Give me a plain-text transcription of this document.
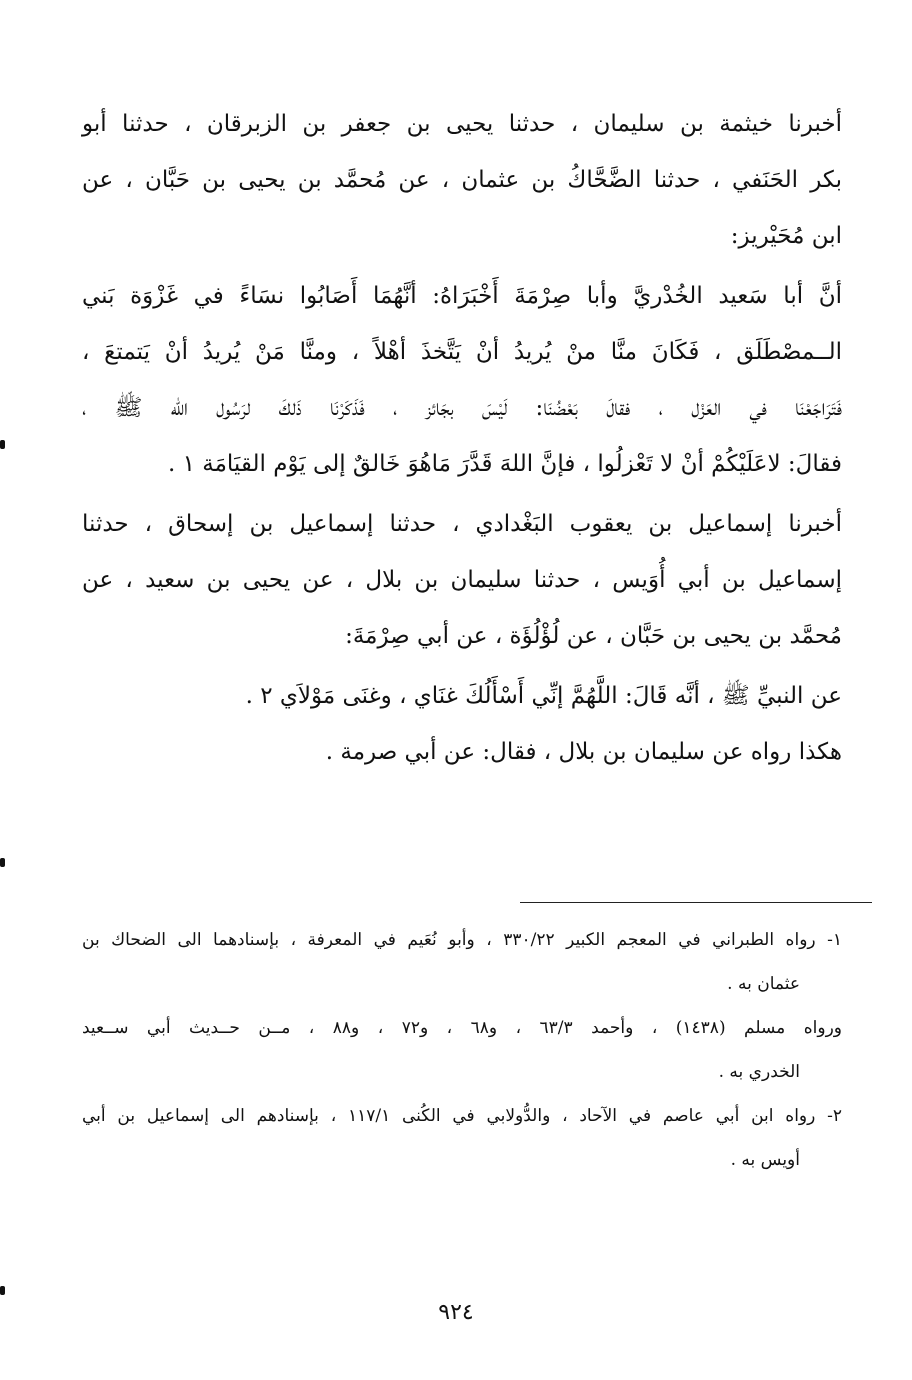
أخبرنا خيثمة بن سليمان ، حدثنا يحيى بن جعفر بن الزبرقان ، حدثنا أبو
بكر الحَنَفي ، حدثنا الضَّحَّاكُ بن عثمان ، عن مُحمَّد بن يحيى بن حَبَّان ، عن
ابن مُحَيْريز:

أنَّ أبا سَعيد الخُدْريَّ وأبا صِرْمَةَ أَخْبَرَاهُ: أنَّهُمَا أَصَابُوا نسَاءً في غَزْوَة بَني
الــمصْطَلَق ، فَكَانَ منَّا منْ يُريدُ أنْ يَتَّخذَ أهْلاً ، ومنَّا مَنْ يُريدُ أنْ يَتمتعَ ،
فَتَرَاجَعْنَا في العَزْل ، فقالَ بَعْضُنَا: لَيْسَ بجَائز ، فَذَكَرْنَا ذَلكَ لرَسُول الله ﷺ ،
فقالَ: لاعَلَيْكُمْ أنْ لا تَعْزلُوا ، فإنَّ اللهَ قَدَّرَ مَاهُوَ خَالقٌ إلى يَوْم القيَامَة ١ .

أخبرنا إسماعيل بن يعقوب البَغْدادي ، حدثنا إسماعيل بن إسحاق ، حدثنا
إسماعيل بن أبي أُوَيس ، حدثنا سليمان بن بلال ، عن يحيى بن سعيد ، عن
مُحمَّد بن يحيى بن حَبَّان ، عن لُؤْلُؤَة ، عن أبي صِرْمَةَ:

عن النبيِّ ﷺ ، أنَّه قَالَ: اللَّهُمَّ إنِّي أَسْأَلُكَ غنَاي ، وغنَى مَوْلاَي ٢ .

هكذا رواه عن سليمان بن بلال ، فقال: عن أبي صرمة .

١- رواه الطبراني في المعجم الكبير ٣٣٠/٢٢ ، وأبو نُعَيم في المعرفة ، بإسنادهما الى الضحاك بن
عثمان به .
ورواه مسلم (١٤٣٨) ، وأحمد ٦٣/٣ ، و٦٨ ، و٧٢ ، و٨٨ ، مــن حــديث أبي ســعيد
الخدري به .
٢- رواه ابن أبي عاصم في الآحاد ، والدُّولابي في الكُنى ١١٧/١ ، بإسنادهم الى إسماعيل بن أبي
أويس به .
٩٢٤
